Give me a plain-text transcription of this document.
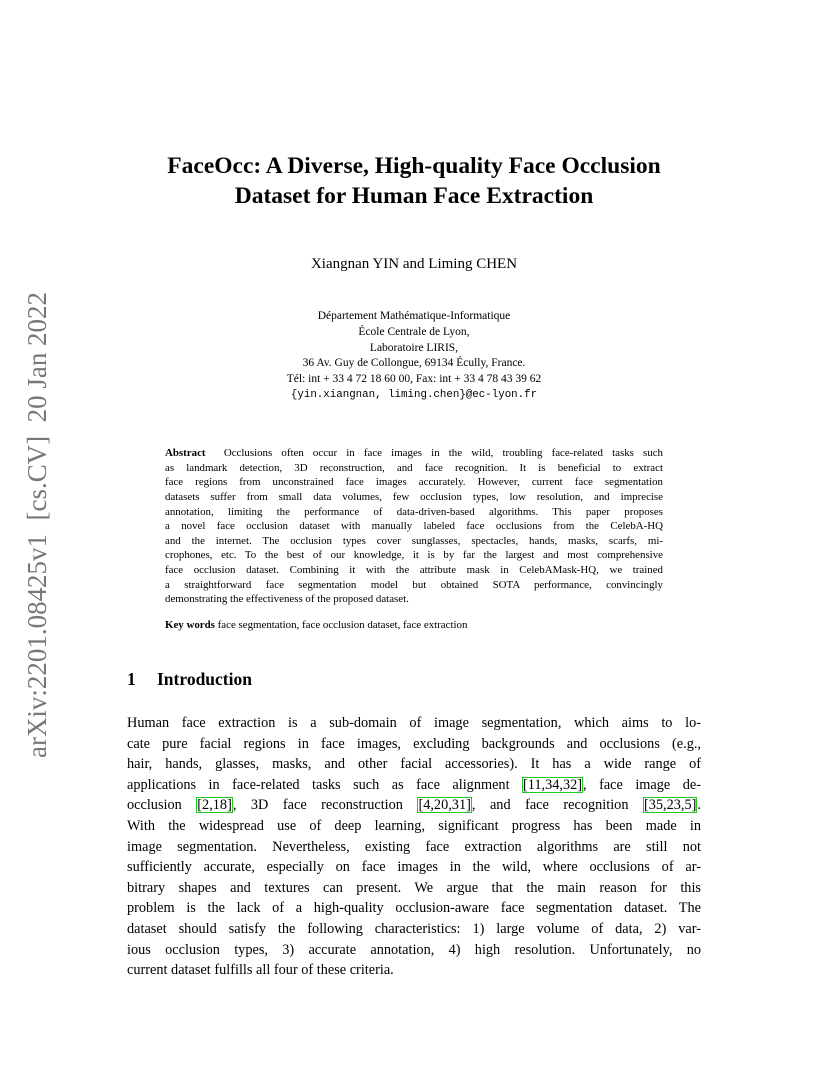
arXiv:2201.08425v1  [cs.CV]  20 Jan 2022
FaceOcc: A Diverse, High-quality Face Occlusion
Dataset for Human Face Extraction
Xiangnan YIN and Liming CHEN
Département Mathématique-Informatique
École Centrale de Lyon,
Laboratoire LIRIS,
36 Av. Guy de Collongue, 69134 Écully, France.
Tél: int + 33 4 72 18 60 00, Fax: int + 33 4 78 43 39 62
{yin.xiangnan, liming.chen}@ec-lyon.fr
Abstract Occlusions often occur in face images in the wild, troubling face-related tasks such
as landmark detection, 3D reconstruction, and face recognition. It is beneficial to extract
face regions from unconstrained face images accurately. However, current face segmentation
datasets suffer from small data volumes, few occlusion types, low resolution, and imprecise
annotation, limiting the performance of data-driven-based algorithms. This paper proposes
a novel face occlusion dataset with manually labeled face occlusions from the CelebA-HQ
and the internet. The occlusion types cover sunglasses, spectacles, hands, masks, scarfs, mi-
crophones, etc. To the best of our knowledge, it is by far the largest and most comprehensive
face occlusion dataset. Combining it with the attribute mask in CelebAMask-HQ, we trained
a straightforward face segmentation model but obtained SOTA performance, convincingly
demonstrating the effectiveness of the proposed dataset.
Key words face segmentation, face occlusion dataset, face extraction
1 Introduction
Human face extraction is a sub-domain of image segmentation, which aims to lo-
cate pure facial regions in face images, excluding backgrounds and occlusions (e.g.,
hair, hands, glasses, masks, and other facial accessories). It has a wide range of
applications in face-related tasks such as face alignment [11,34,32], face image de-
occlusion [2,18], 3D face reconstruction [4,20,31], and face recognition [35,23,5].
With the widespread use of deep learning, significant progress has been made in
image segmentation. Nevertheless, existing face extraction algorithms are still not
sufficiently accurate, especially on face images in the wild, where occlusions of ar-
bitrary shapes and textures can present. We argue that the main reason for this
problem is the lack of a high-quality occlusion-aware face segmentation dataset. The
dataset should satisfy the following characteristics: 1) large volume of data, 2) var-
ious occlusion types, 3) accurate annotation, 4) high resolution. Unfortunately, no
current dataset fulfills all four of these criteria.
